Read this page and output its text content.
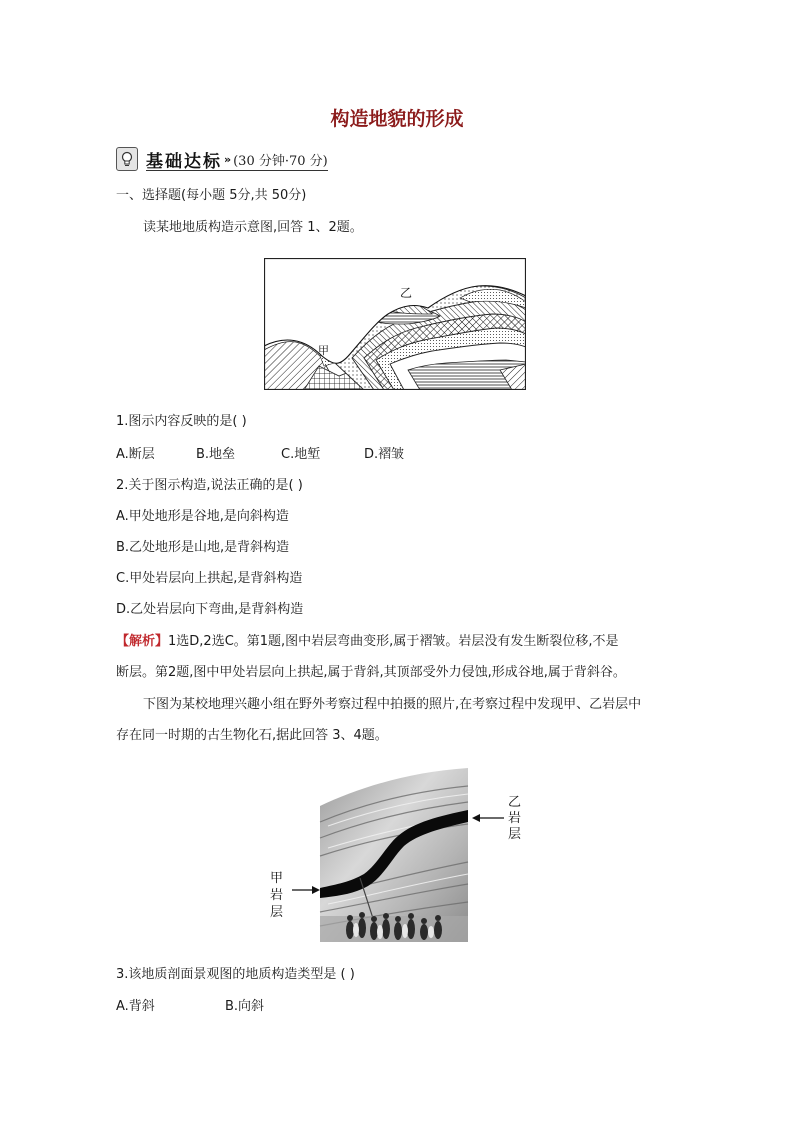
构造地貌的形成
基础达标 » (30 分钟·70 分)
一、选择题(每小题 5分,共 50分)
读某地地质构造示意图,回答 1、2题。
乙
甲
1.图示内容反映的是( )
A.断层	B.地垒	C.地堑	D.褶皱
2.关于图示构造,说法正确的是( )
A.甲处地形是谷地,是向斜构造
B.乙处地形是山地,是背斜构造
C.甲处岩层向上拱起,是背斜构造
D.乙处岩层向下弯曲,是背斜构造
【解析】1选D,2选C。第1题,图中岩层弯曲变形,属于褶皱。岩层没有发生断裂位移,不是
断层。第2题,图中甲处岩层向上拱起,属于背斜,其顶部受外力侵蚀,形成谷地,属于背斜谷。
下图为某校地理兴趣小组在野外考察过程中拍摄的照片,在考察过程中发现甲、乙岩层中
存在同一时期的古生物化石,据此回答 3、4题。
乙
岩
层
甲
岩
层
3.该地质剖面景观图的地质构造类型是 ( )
A.背斜	B.向斜
